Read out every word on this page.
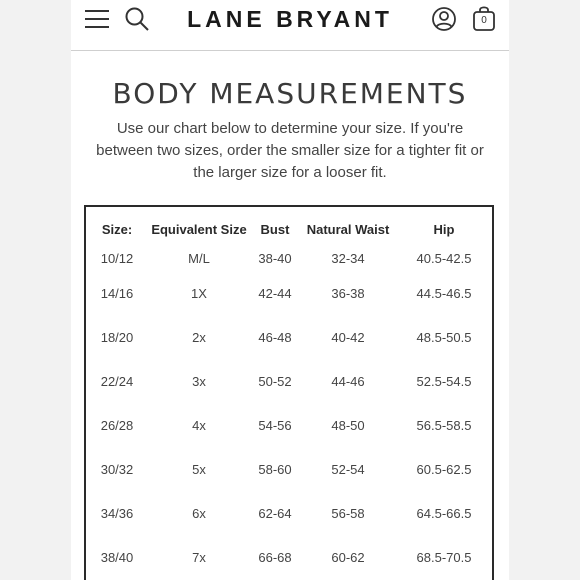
LANE BRYANT	0
BODY MEASUREMENTS

Use our chart below to determine your size. If you're between two sizes, order the smaller size for a tighter fit or the larger size for a looser fit.

Size:	Equivalent Size	Bust	Natural Waist	Hip
10/12	M/L	38-40	32-34	40.5-42.5
14/16	1X	42-44	36-38	44.5-46.5
18/20	2x	46-48	40-42	48.5-50.5
22/24	3x	50-52	44-46	52.5-54.5
26/28	4x	54-56	48-50	56.5-58.5
30/32	5x	58-60	52-54	60.5-62.5
34/36	6x	62-64	56-58	64.5-66.5
38/40	7x	66-68	60-62	68.5-70.5
